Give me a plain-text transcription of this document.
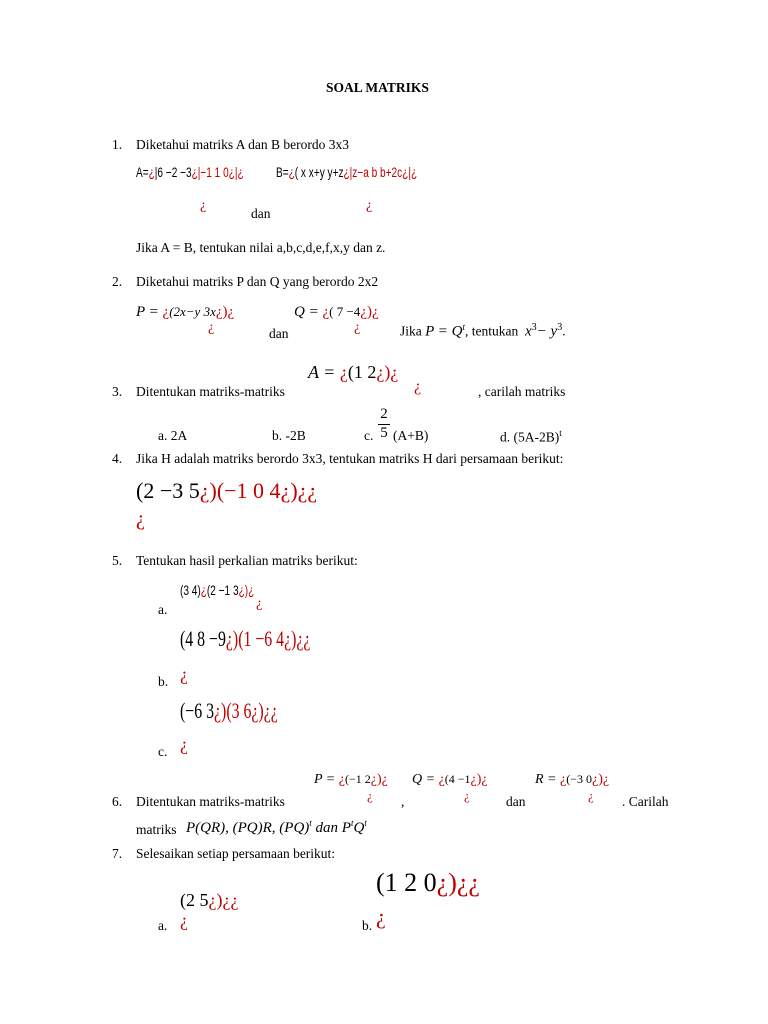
SOAL MATRIKS
1. Diketahui matriks A dan B berordo 3x3
A=¿|6 −2 −3¿|−1 1 0¿|¿
¿
dan
B=¿( x x+y y+z¿|z−a b b+2c¿|¿
¿
Jika A = B, tentukan nilai a,b,c,d,e,f,x,y dan z.
2. Diketahui matriks P dan Q yang berordo 2x2
P = ¿(2x−y 3x¿)¿
¿	dan
Q = ¿( 7 −4¿)¿
¿	Jika $P = Q^t$, tentukan $x^3- y^3$.
A = ¿(1 2¿)¿
¿
3. Ditentukan matriks-matriks	, carilah matriks
a. 2A	b. -2B	c. $\frac{2}{5} (A+B)$	d. $(5A-2B)^t$
4. Jika H adalah matriks berordo 3x3, tentukan matriks H dari persamaan berikut:
(2 −3 5¿)(−1 0 4¿)¿¿
¿
5. Tentukan hasil perkalian matriks berikut:
a.
(3 4)¿(2 −1 3¿)¿
¿
b.
(4 8 −9¿)(1 −6 4¿)¿¿
¿
c.
(−6 3¿)(3 6¿)¿¿
¿
P = ¿(−1 2¿)¿
¿ ,
Q = ¿(4 −1¿)¿
¿	dan
R = ¿(−3 0¿)¿
¿
6. Ditentukan matriks-matriks	. Carilah
matriks P(QR), (PQ)R, (PQ)$^t$ dan $P^tQ^t$
7. Selesaikan setiap persamaan berikut:
a.
(2 5¿)¿¿
¿	b.
(1 2 0¿)¿¿
¿
